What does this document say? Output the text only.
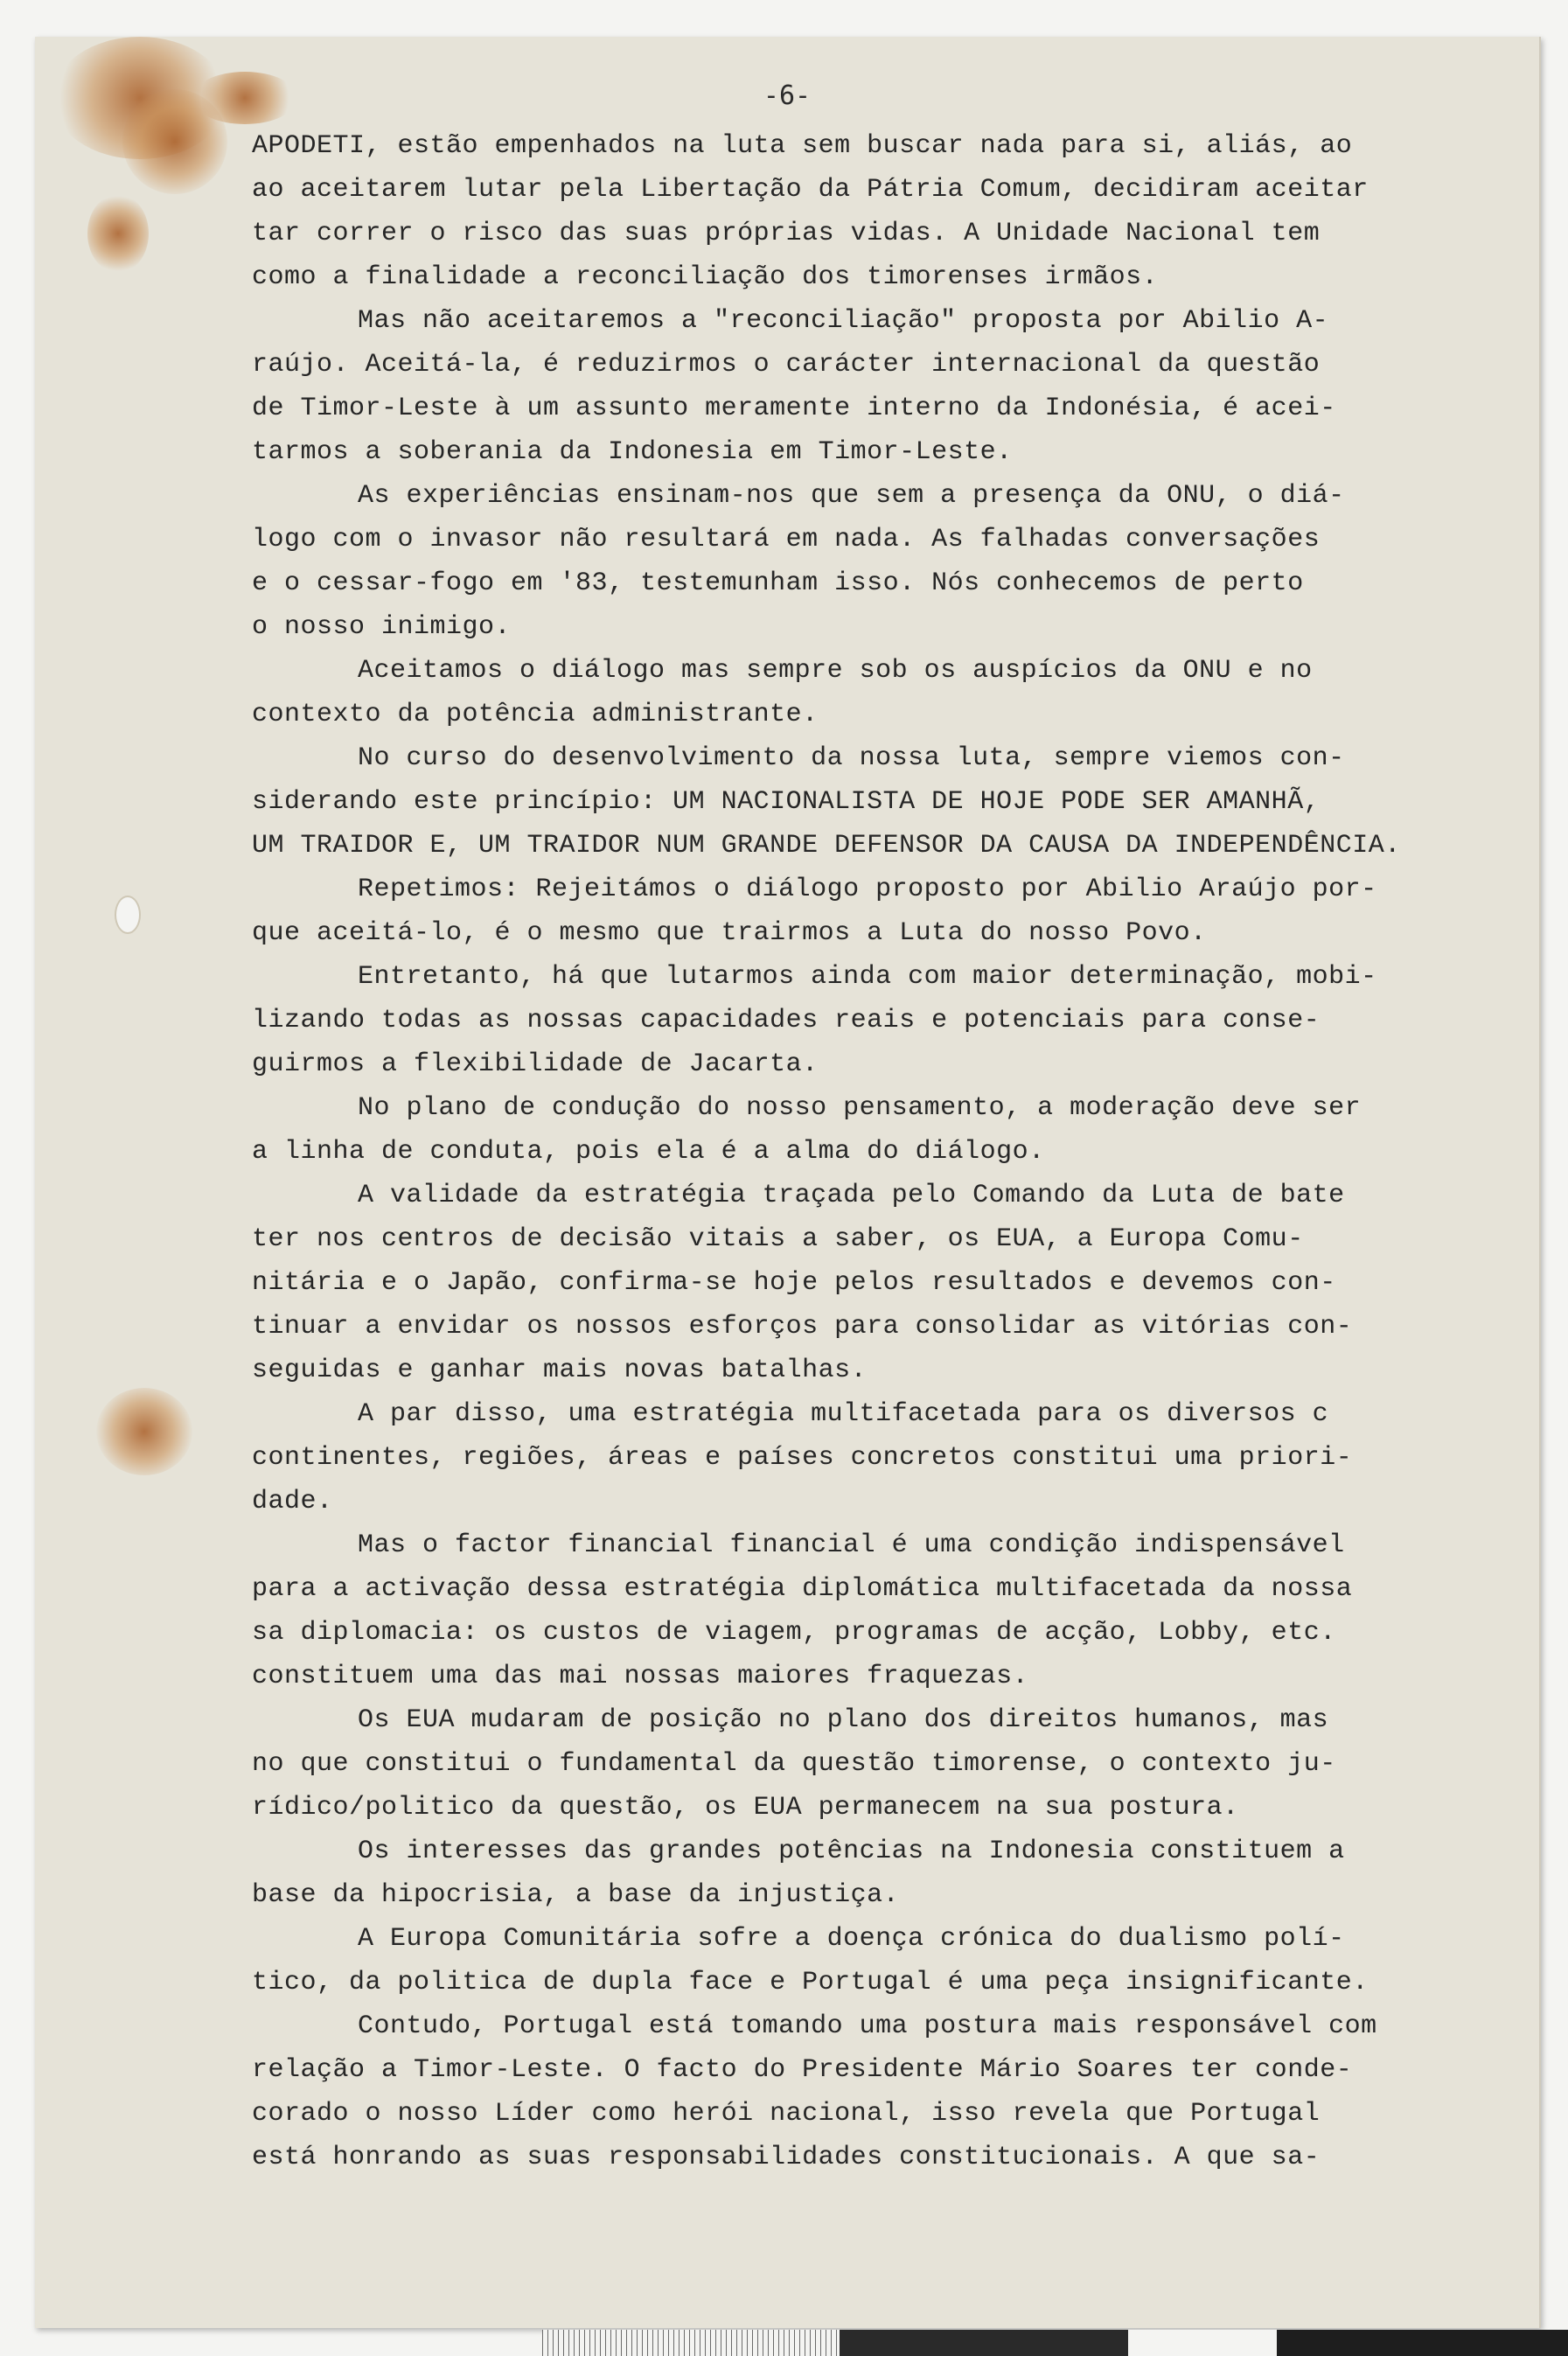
-6-
APODETI, estão empenhados na luta sem buscar nada para si, aliás, ao
ao aceitarem lutar pela Libertação da Pátria Comum, decidiram aceitar
tar correr o risco das suas próprias vidas. A Unidade Nacional tem
como a finalidade a reconciliação dos timorenses irmãos.
Mas não aceitaremos a "reconciliação" proposta por Abilio A-
raújo. Aceitá-la, é reduzirmos o carácter internacional da questão
de Timor-Leste à um assunto meramente interno da Indonésia, é acei-
tarmos a soberania da Indonesia em Timor-Leste.
As experiências ensinam-nos que sem a presença da ONU, o diá-
logo com o invasor não resultará em nada. As falhadas conversações
e o cessar-fogo em '83, testemunham isso. Nós conhecemos de perto
o nosso inimigo.
Aceitamos o diálogo mas sempre sob os auspícios da ONU e no
contexto da potência administrante.
No curso do desenvolvimento da nossa luta, sempre viemos con-
siderando este princípio: UM NACIONALISTA DE HOJE PODE SER AMANHÃ,
UM TRAIDOR E, UM TRAIDOR NUM GRANDE DEFENSOR DA CAUSA DA INDEPENDÊNCIA.
Repetimos: Rejeitámos o diálogo proposto por Abilio Araújo por-
que aceitá-lo, é o mesmo que trairmos a Luta do nosso Povo.
Entretanto, há que lutarmos ainda com maior determinação, mobi-
lizando todas as nossas capacidades reais e potenciais para conse-
guirmos a flexibilidade de Jacarta.
No plano de condução do nosso pensamento, a moderação deve ser
a linha de conduta, pois ela é a alma do diálogo.
A validade da estratégia traçada pelo Comando da Luta de bate
ter nos centros de decisão vitais a saber, os EUA, a Europa Comu-
nitária e o Japão, confirma-se hoje pelos resultados e devemos con-
tinuar a envidar os nossos esforços para consolidar as vitórias con-
seguidas e ganhar mais novas batalhas.
A par disso, uma estratégia multifacetada para os diversos c
continentes, regiões, áreas e países concretos constitui uma priori-
dade.
Mas o factor financial financial é uma condição indispensável
para a activação dessa estratégia diplomática multifacetada da nossa
sa diplomacia: os custos de viagem, programas de acção, Lobby, etc.
constituem uma das mai nossas maiores fraquezas.
Os EUA mudaram de posição no plano dos direitos humanos, mas
no que constitui o fundamental da questão timorense, o contexto ju-
rídico/politico da questão, os EUA permanecem na sua postura.
Os interesses das grandes potências na Indonesia constituem a
base da hipocrisia, a base da injustiça.
A Europa Comunitária sofre a doença crónica do dualismo polí-
tico, da politica de dupla face e Portugal é uma peça insignificante.
Contudo, Portugal está tomando uma postura mais responsável com
relação a Timor-Leste. O facto do Presidente Mário Soares ter conde-
corado o nosso Líder como herói nacional, isso revela que Portugal
está honrando as suas responsabilidades constitucionais. A que sa-
